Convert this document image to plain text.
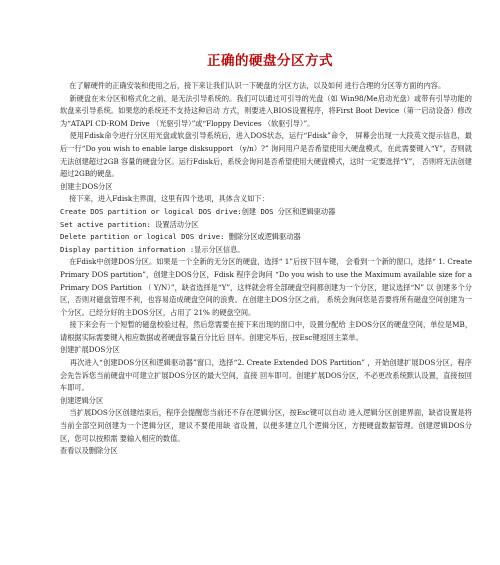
正确的硬盘分区方式

在了解硬件的正确安装和使用之后，接下来让我们认识一下硬盘的分区方法，以及如何 进行合理的分区等方面的内容。

新硬盘在未分区和格式化之前，是无法引导系统的。我们可以通过可引导的光盘（如 Win98/Me启动光盘）或带有引导功能的软盘来引导系统。如果您的系统还不支持这种启动 方式，则要进入BIOS设置程序，将First Boot Device（第一启动设备）修改为“ATAPI CD-ROM Drive （光驱引导）”或“Floppy Devices （软驱引导）”。

使用Fdisk命令进行分区用光盘或软盘引导系统后，进入DOS状态，运行“Fdisk”命令， 屏幕会出现一大段英文提示信息，最后一行“Do you wish to enable large disksupport （y/n）?” 询问用户是否希望使用大硬盘模式，在此需要键入“Y”，否则就无法创建超过2GB 容量的硬盘分区。运行Fdisk后，系统会询问是否希望使用大硬盘模式，这时一定要选择“Y”， 否则将无法创建超过2GB的硬盘。

创建主DOS分区

接下来，进入Fdisk主界面，这里有四个选项，具体含义如下：

Create DOS partition or logical DOS drive:创建 DOS 分区和逻辑驱动器

Set active partition: 设置活动分区

Delete partition or logical DOS drive: 删除分区或逻辑驱动器

Display partition information :显示分区信息。

在Fdisk中创建DOS分区。如果是一个全新的无分区的硬盘，选择“ 1”后按下回车键， 会看到一个新的窗口，选择“ 1. Create Primary DOS partition”，创建主DOS分区，Fdisk 程序会询问 “Do you wish to use the Maximum available size for a Primary DOS Partition （ Y/N）”，缺省选择是“Y”，这样就会将全部硬盘空间都创建为一个分区，建议选择“N” 以 创建多个分区，否则对磁盘管理不利，也容易造成硬盘空间的浪费。在创建主DOS分区之前， 系统会询问您是否要将所有磁盘空间创建为一个分区。已经分好的主DOS分区，占用了 21% 的硬盘空间。

接下来会有一个短暂的磁盘校验过程，然后您需要在接下来出现的窗口中，设置分配给 主DOS分区的硬盘空间，单位是MB，请根据实际需要键入相应数据或者硬盘容量百分比后 回车。创建完毕后，按Esc键返回主菜单。

创建扩展DOS分区

再次进入“创建DOS分区和逻辑驱动器”窗口，选择“2. Create Extended DOS Partition” ，开始创建扩展DOS分区，程序会先告诉您当前硬盘中可建立扩展DOS分区的最大空间，直接 回车即可。创建扩展DOS分区，不必更改系统默认设置，直接按回车即可。

创建逻辑分区

当扩展DOS分区创建结束后，程序会提醒您当前还不存在逻辑分区，按Esc键可以自动 进入逻辑分区创建界面，缺省设置是将当前全部空间创建为一个逻辑分区，建议不要使用缺 省设置，以便多建立几个逻辑分区，方便硬盘数据管理。创建逻辑DOS分区，您可以按照需 要输入相应的数值。

查看以及删除分区
